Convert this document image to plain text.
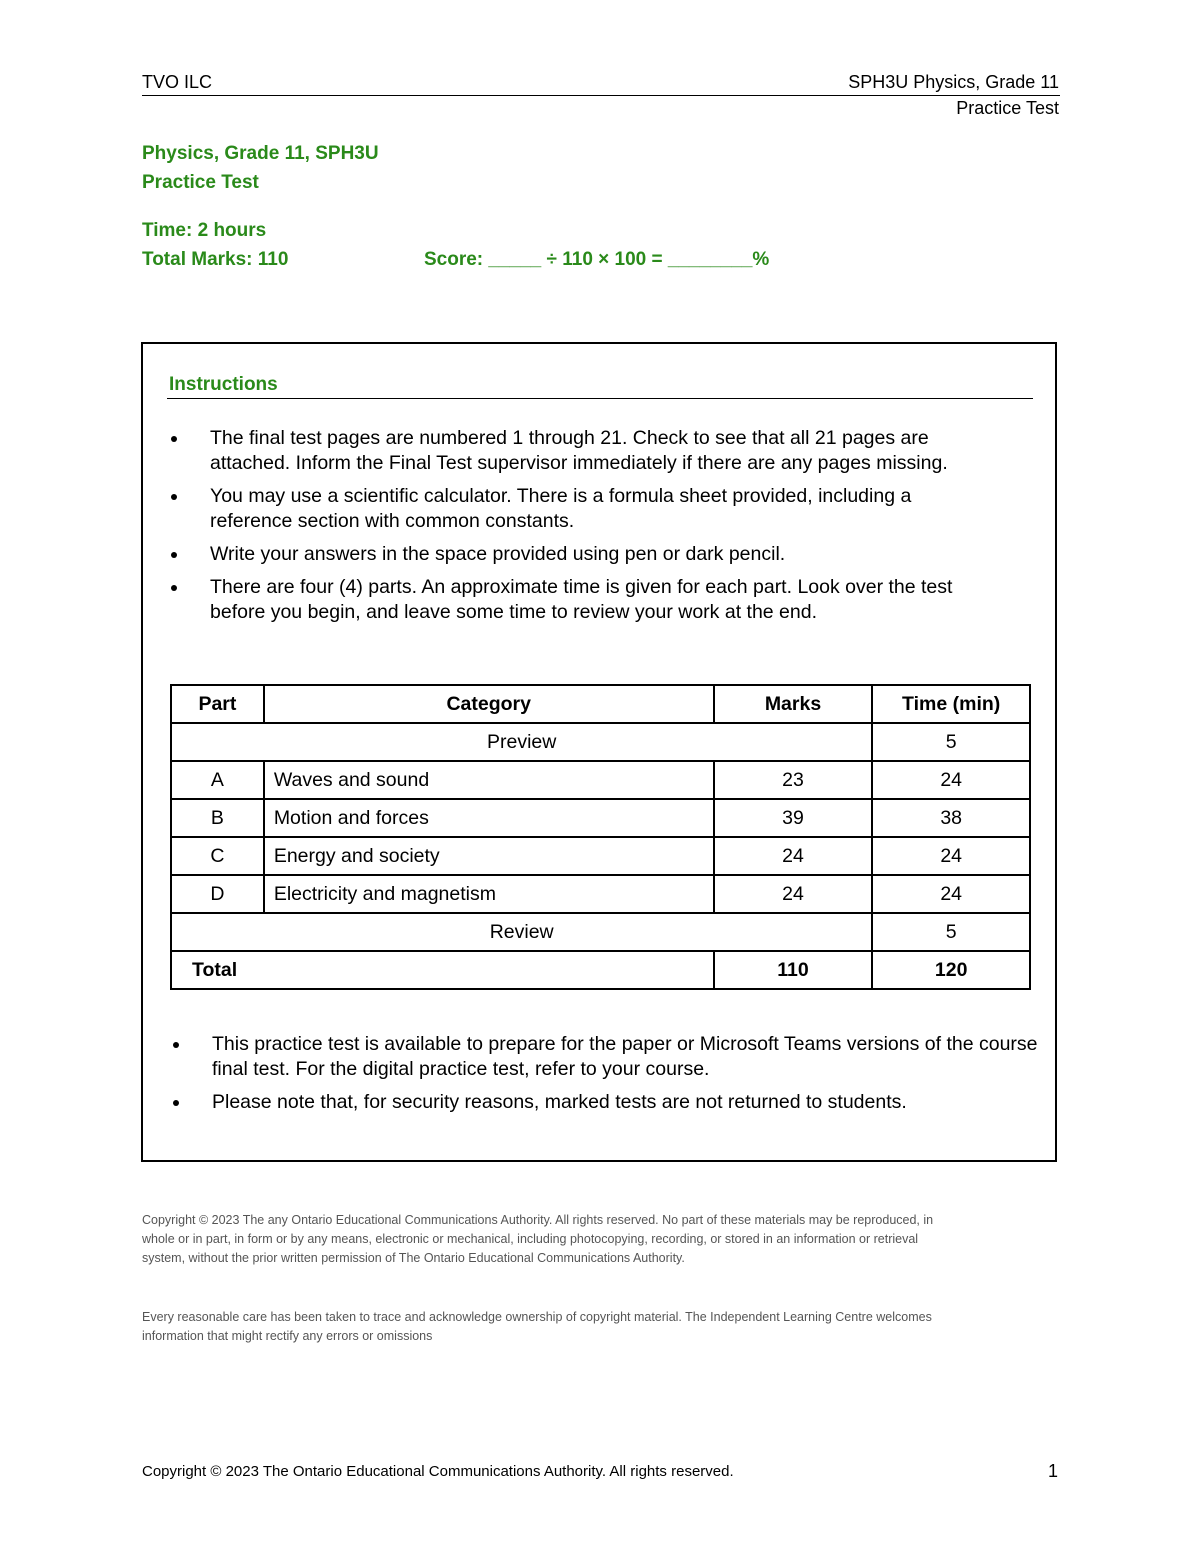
TVO ILC	SPH3U Physics, Grade 11
Practice Test
Physics, Grade 11, SPH3U
Practice Test
Time: 2 hours
Total Marks: 110	Score: _____ ÷ 110 × 100 = ________%
Instructions
The final test pages are numbered 1 through 21. Check to see that all 21 pages are attached. Inform the Final Test supervisor immediately if there are any pages missing.
You may use a scientific calculator. There is a formula sheet provided, including a reference section with common constants.
Write your answers in the space provided using pen or dark pencil.
There are four (4) parts. An approximate time is given for each part. Look over the test before you begin, and leave some time to review your work at the end.
Part	Category	Marks	Time (min)
Preview			5
A	Waves and sound	23	24
B	Motion and forces	39	38
C	Energy and society	24	24
D	Electricity and magnetism	24	24
Review			5
Total		110	120
This practice test is available to prepare for the paper or Microsoft Teams versions of the course final test. For the digital practice test, refer to your course.
Please note that, for security reasons, marked tests are not returned to students.
Copyright © 2023 The any Ontario Educational Communications Authority. All rights reserved. No part of these materials may be reproduced, in whole or in part, in form or by any means, electronic or mechanical, including photocopying, recording, or stored in an information or retrieval system, without the prior written permission of The Ontario Educational Communications Authority.
Every reasonable care has been taken to trace and acknowledge ownership of copyright material. The Independent Learning Centre welcomes information that might rectify any errors or omissions
Copyright © 2023 The Ontario Educational Communications Authority. All rights reserved.	1
